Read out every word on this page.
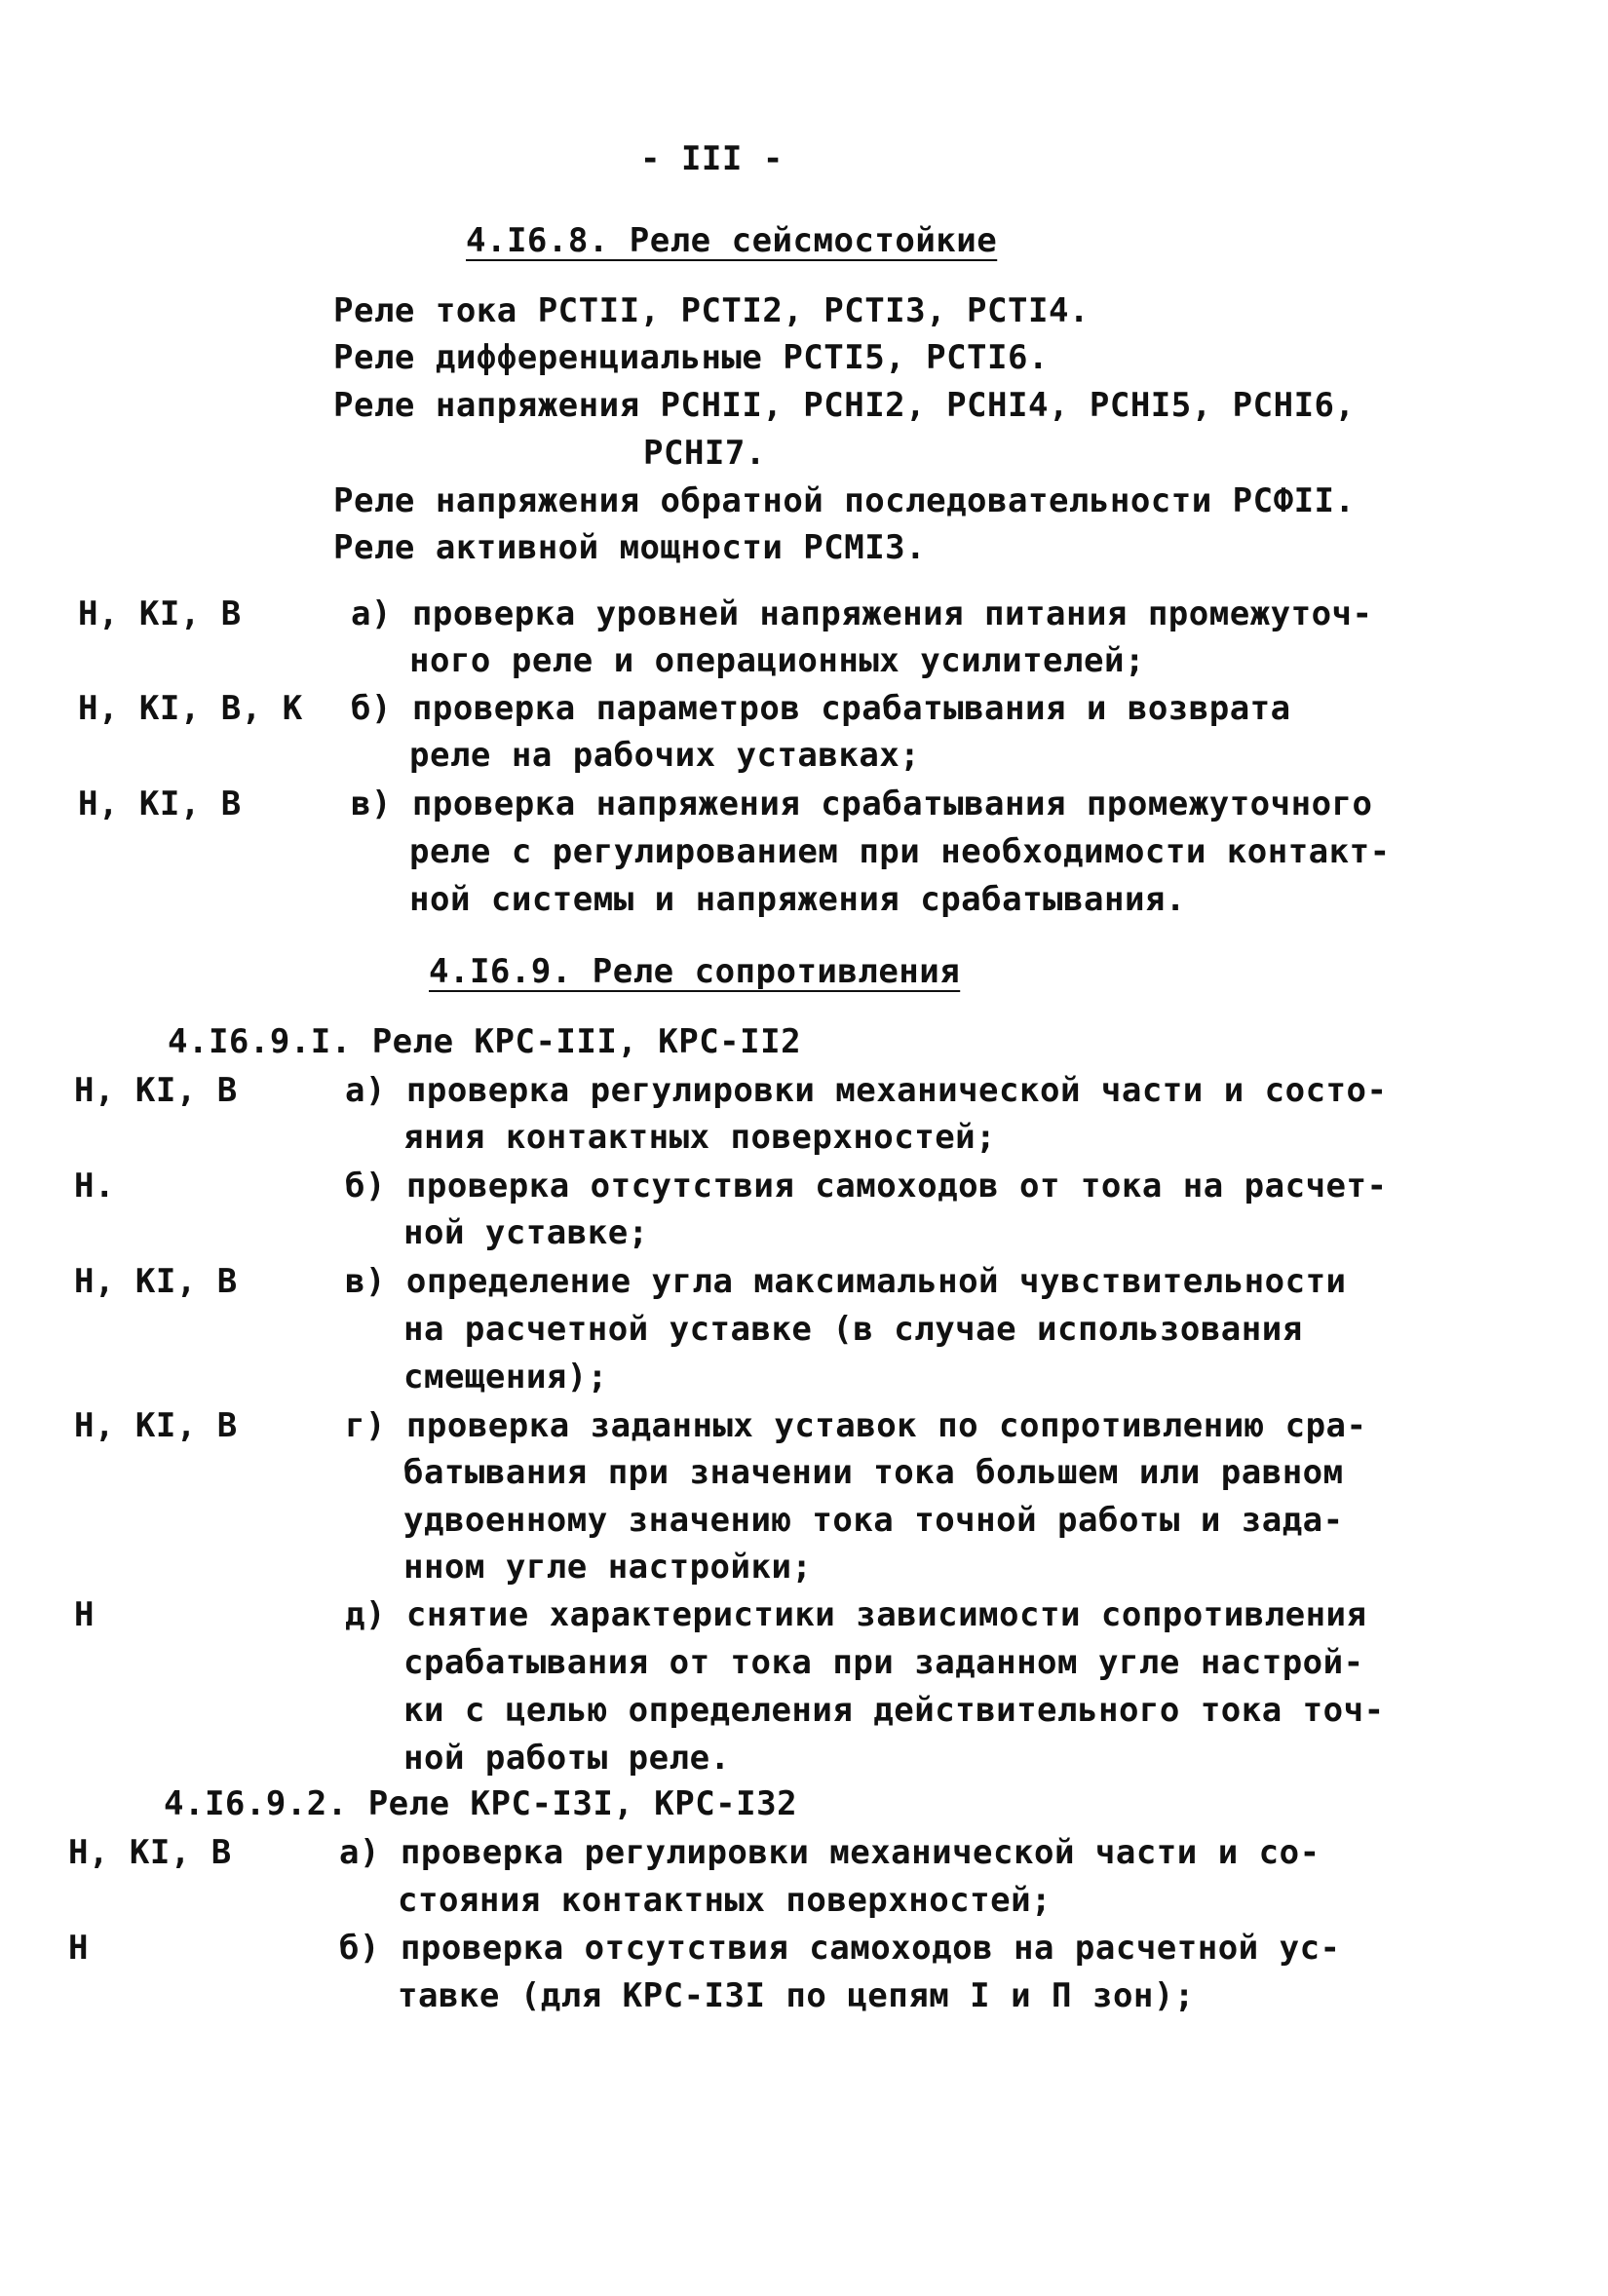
- III -
4.I6.8. Реле сейсмостойкие
Реле тока РСТII, РСТI2, РСТI3, РСТI4.
Реле дифференциальные РСТI5, РСТI6.
Реле напряжения РСНII, РСНI2, РСНI4, РСНI5, РСНI6,
РСНI7.
Реле напряжения обратной последовательности РСФII.
Реле активной мощности РСМI3.
Н, КI, В	а) проверка уровней напряжения питания промежуточ-
ного реле и операционных усилителей;
Н, КI, В, К б) проверка параметров срабатывания и возврата
реле на рабочих уставках;
Н, КI, В	в) проверка напряжения срабатывания промежуточного
реле с регулированием при необходимости контакт-
ной системы и напряжения срабатывания.
4.I6.9. Реле сопротивления
4.I6.9.I. Реле КРС-III, КРС-II2
Н, КI, В	а) проверка регулировки механической части и состо-
яния контактных поверхностей;
Н.	б) проверка отсутствия самоходов от тока на расчет-
ной уставке;
Н, КI, В	в) определение угла максимальной чувствительности
на расчетной уставке (в случае использования
смещения);
Н, КI, В	г) проверка заданных уставок по сопротивлению сра-
батывания при значении тока большем или равном
удвоенному значению тока точной работы и зада-
нном угле настройки;
Н	д) снятие характеристики зависимости сопротивления
срабатывания от тока при заданном угле настрой-
ки с целью определения действительного тока точ-
ной работы реле.
4.I6.9.2. Реле КРС-I3I, КРС-I32
Н, КI, В	а) проверка регулировки механической части и со-
стояния контактных поверхностей;
Н	б) проверка отсутствия самоходов на расчетной ус-
тавке (для КРС-I3I по цепям I и П зон);
